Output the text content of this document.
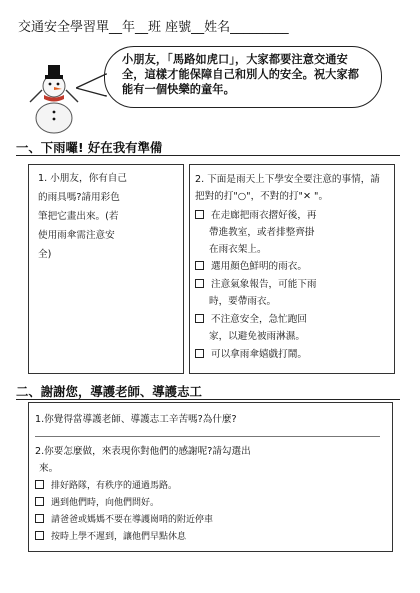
交通安全學習單__年__班 座號__姓名_________
小朋友，「馬路如虎口」，大家都要注意交通安
全，這樣才能保障自己和別人的安全。祝大家都
能有一個快樂的童年。
一、下雨囉! 好在我有準備
1. 小朋友，你有自己
的雨具嗎?請用彩色
筆把它畫出來。(若
使用雨傘需注意安
全)
2. 下面是雨天上下學安全要注意的事情，請
把對的打"○"，不對的打"✕ "。
在走廊把雨衣摺好後，再
帶進教室，或者排整齊掛
在雨衣架上。
選用顏色鮮明的雨衣。
注意氣象報告，可能下雨
時，要帶雨衣。
不注意安全，急忙跑回
家，以避免被雨淋濕。
可以拿雨傘嬉戲打鬧。
二、謝謝您，導護老師、導護志工
1.你覺得當導護老師、導護志工辛苦嗎?為什麼?
2.你要怎麼做，來表現你對他們的感謝呢?請勾選出
來。
排好路隊，有秩序的通過馬路。
遇到他們時，向他們問好。
請爸爸或媽媽不要在導護崗哨的附近停車
按時上學不遲到，讓他們早點休息
